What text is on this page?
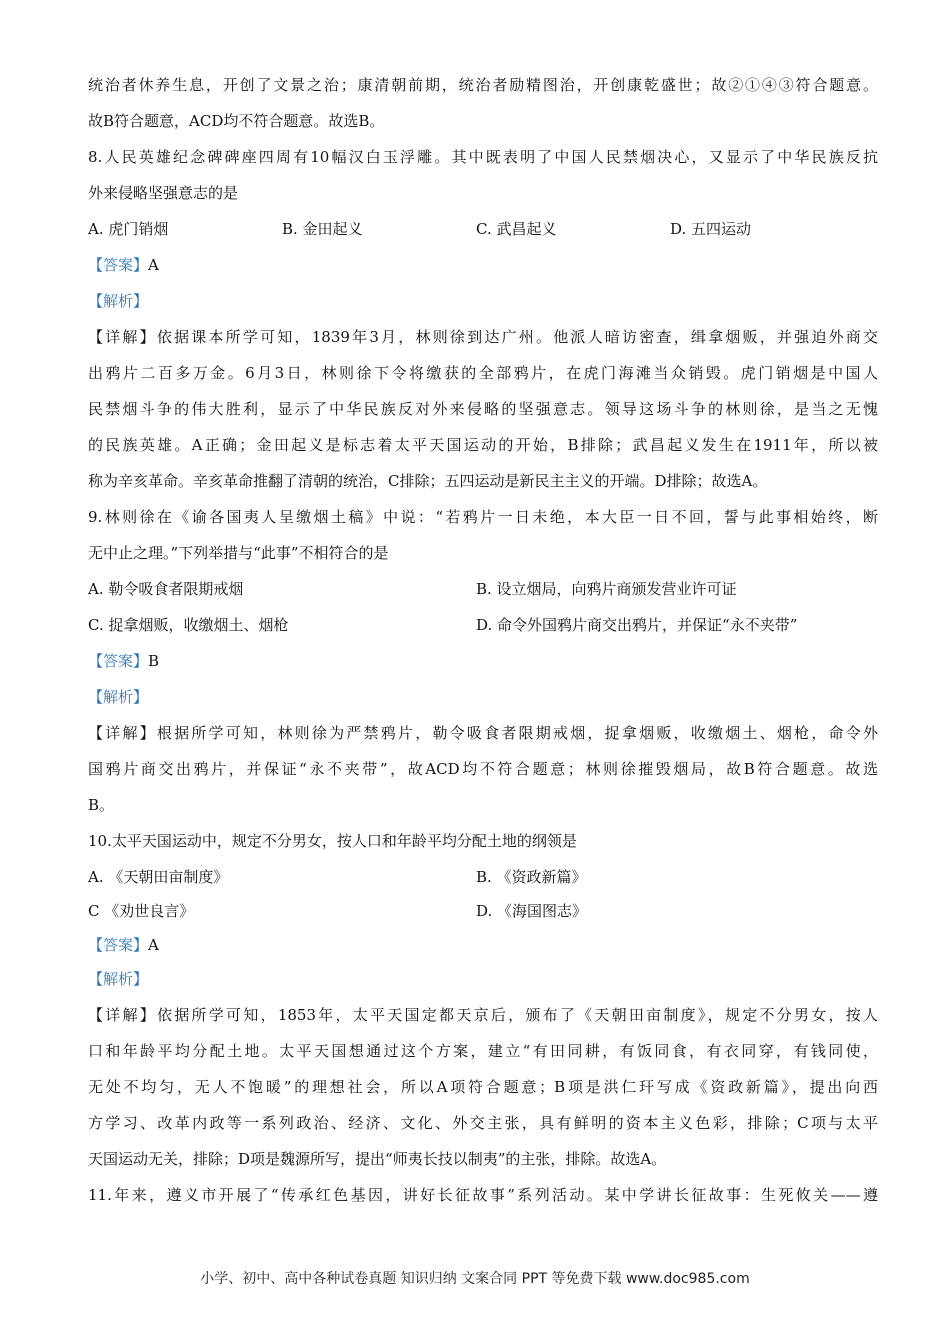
统治者休养生息，开创了文景之治；康清朝前期，统治者励精图治，开创康乾盛世；故②①④③符合题意。
故B符合题意，ACD均不符合题意。故选B。
8.人民英雄纪念碑碑座四周有10幅汉白玉浮雕。其中既表明了中国人民禁烟决心，又显示了中华民族反抗
外来侵略坚强意志的是
A. 虎门销烟	B. 金田起义	C. 武昌起义	D. 五四运动
【答案】A
【解析】
【详解】依据课本所学可知，1839年3月，林则徐到达广州。他派人暗访密查，缉拿烟贩，并强迫外商交
出鸦片二百多万金。6月3日，林则徐下令将缴获的全部鸦片，在虎门海滩当众销毁。虎门销烟是中国人
民禁烟斗争的伟大胜利，显示了中华民族反对外来侵略的坚强意志。领导这场斗争的林则徐，是当之无愧
的民族英雄。A正确；金田起义是标志着太平天国运动的开始，B排除；武昌起义发生在1911年，所以被
称为辛亥革命。辛亥革命推翻了清朝的统治，C排除；五四运动是新民主主义的开端。D排除；故选A。
9.林则徐在《谕各国夷人呈缴烟土稿》中说：“若鸦片一日未绝，本大臣一日不回，誓与此事相始终，断
无中止之理。”下列举措与“此事”不相符合的是
A. 勒令吸食者限期戒烟	B. 设立烟局，向鸦片商颁发营业许可证
C. 捉拿烟贩，收缴烟土、烟枪	D. 命令外国鸦片商交出鸦片，并保证“永不夹带”
【答案】B
【解析】
【详解】根据所学可知，林则徐为严禁鸦片，勒令吸食者限期戒烟，捉拿烟贩，收缴烟土、烟枪，命令外
国鸦片商交出鸦片，并保证“永不夹带”，故ACD均不符合题意；林则徐摧毁烟局，故B符合题意。故选
B。
10.太平天国运动中，规定不分男女，按人口和年龄平均分配土地的纲领是
A. 《天朝田亩制度》	B. 《资政新篇》
C 《劝世良言》	D. 《海国图志》
【答案】A
【解析】
【详解】依据所学可知，1853年，太平天国定都天京后，颁布了《天朝田亩制度》，规定不分男女，按人
口和年龄平均分配土地。太平天国想通过这个方案，建立“有田同耕，有饭同食，有衣同穿，有钱同使，
无处不均匀，无人不饱暖”的理想社会，所以A项符合题意；B项是洪仁玕写成《资政新篇》，提出向西
方学习、改革内政等一系列政治、经济、文化、外交主张，具有鲜明的资本主义色彩，排除；C项与太平
天国运动无关，排除；D项是魏源所写，提出“师夷长技以制夷”的主张，排除。故选A。
11.年来，遵义市开展了“传承红色基因，讲好长征故事”系列活动。某中学讲长征故事：生死攸关——遵
小学、初中、高中各种试卷真题 知识归纳 文案合同 PPT 等免费下载 www.doc985.com
